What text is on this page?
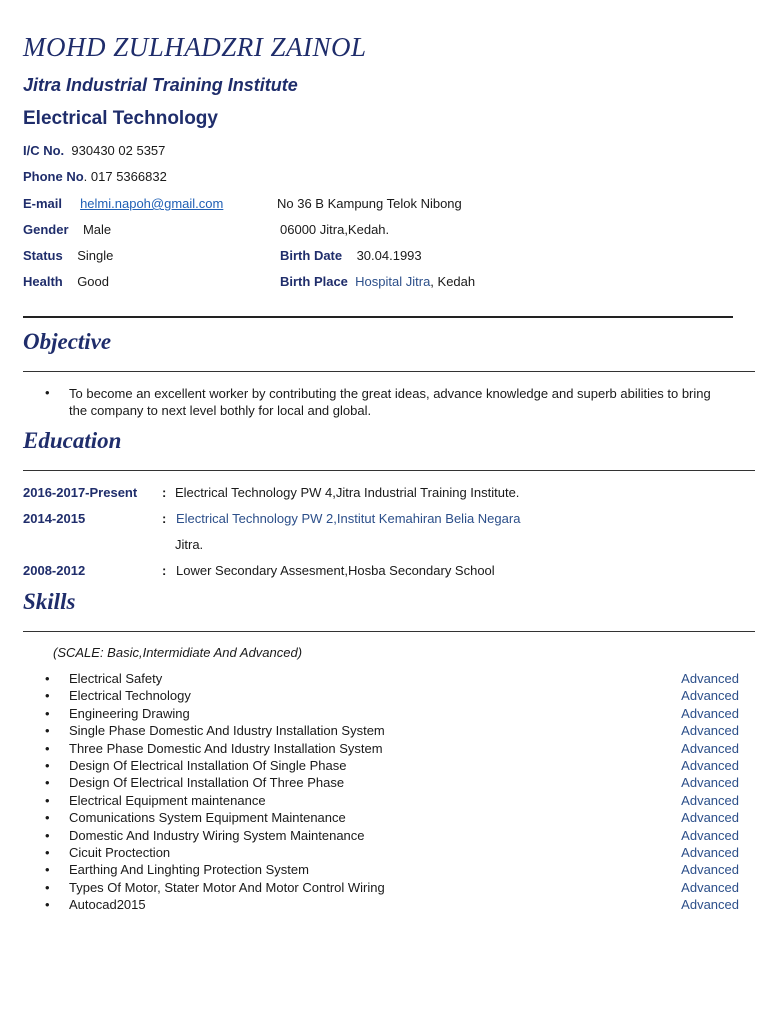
MOHD ZULHADZRI ZAINOL
Jitra Industrial Training Institute
Electrical Technology
I/C No. 930430 02 5357
Phone No. 017 5366832
E-mail helmi.napoh@gmail.com	No 36 B Kampung Telok Nibong
Gender Male	06000 Jitra,Kedah.
Status Single	Birth Date 30.04.1993
Health Good	Birth Place Hospital Jitra, Kedah
Objective
• To become an excellent worker by contributing the great ideas, advance knowledge and superb abilities to bring the company to next level bothly for local and global.
Education
2016-2017-Present : Electrical Technology PW 4,Jitra Industrial Training Institute.
2014-2015	: Electrical Technology PW 2,Institut Kemahiran Belia Negara
Jitra.
2008-2012	: Lower Secondary Assesment,Hosba Secondary School
Skills
(SCALE: Basic,Intermidiate And Advanced)
• Electrical Safety	Advanced
• Electrical Technology	Advanced
• Engineering Drawing	Advanced
• Single Phase Domestic And Idustry Installation System	Advanced
• Three Phase Domestic And Idustry Installation System	Advanced
• Design Of Electrical Installation Of Single Phase	Advanced
• Design Of Electrical Installation Of Three Phase	Advanced
• Electrical Equipment maintenance	Advanced
• Comunications System Equipment Maintenance	Advanced
• Domestic And Industry Wiring System Maintenance	Advanced
• Cicuit Proctection	Advanced
• Earthing And Linghting Protection System	Advanced
• Types Of Motor, Stater Motor And Motor Control Wiring	Advanced
• Autocad2015	Advanced
